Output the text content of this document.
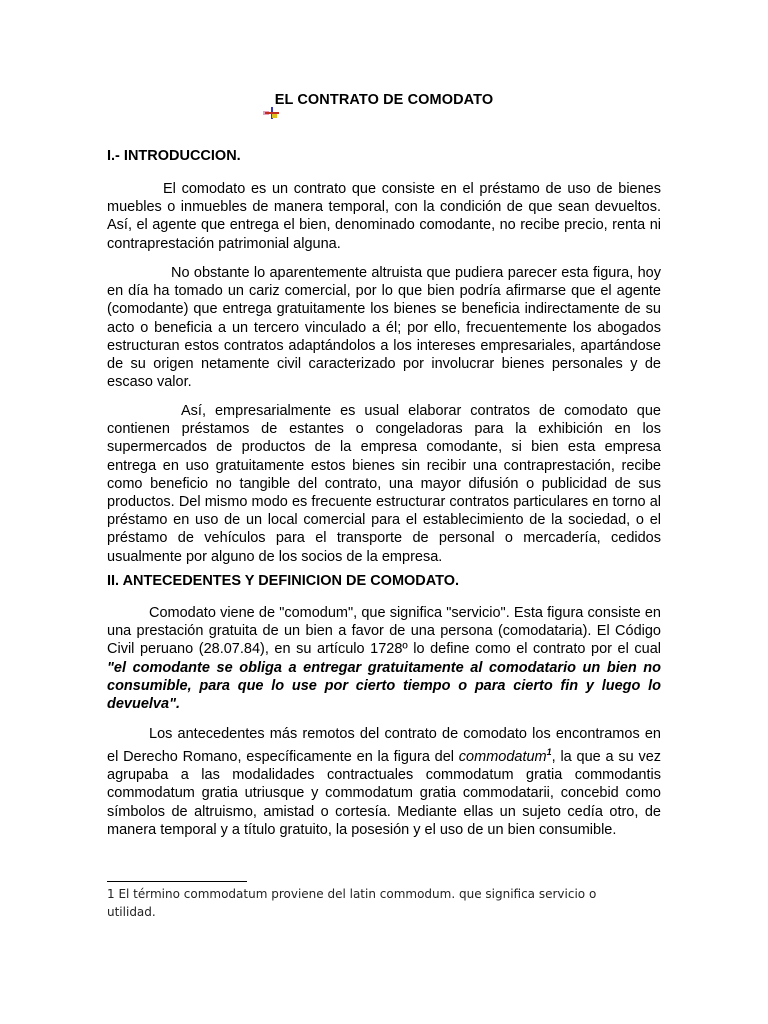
EL CONTRATO DE COMODATO
I.- INTRODUCCION.

El comodato es un contrato que consiste en el préstamo de uso de bienes muebles o inmuebles de manera temporal, con la condición de que sean devueltos. Así, el agente que entrega el bien, denominado comodante, no recibe precio, renta ni contraprestación patrimonial alguna.

No obstante lo aparentemente altruista que pudiera parecer esta figura, hoy en día ha tomado un cariz comercial, por lo que bien podría afirmarse que el agente (comodante) que entrega gratuitamente los bienes se beneficia indirectamente de su acto o beneficia a un tercero vinculado a él; por ello, frecuentemente los abogados estructuran estos contratos adaptándolos a los intereses empresariales, apartándose de su origen netamente civil caracterizado por involucrar bienes personales y de escaso valor.

Así, empresarialmente es usual elaborar contratos de comodato que contienen préstamos de estantes o congeladoras para la exhibición en los supermercados de productos de la empresa comodante, si bien esta empresa entrega en uso gratuitamente estos bienes sin recibir una contraprestación, recibe como beneficio no tangible del contrato, una mayor difusión o publicidad de sus productos. Del mismo modo es frecuente estructurar contratos particulares en torno al préstamo en uso de un local comercial para el establecimiento de la sociedad, o el préstamo de vehículos para el transporte de personal o mercadería, cedidos usualmente por alguno de los socios de la empresa.

II. ANTECEDENTES Y DEFINICION DE COMODATO.

Comodato viene de "comodum", que significa "servicio". Esta figura consiste en una prestación gratuita de un bien a favor de una persona (comodataria). El Código Civil peruano (28.07.84), en su artículo 1728º lo define como el contrato por el cual "el comodante se obliga a entregar gratuitamente al comodatario un bien no consumible, para que lo use por cierto tiempo o para cierto fin y luego lo devuelva".

Los antecedentes más remotos del contrato de comodato los encontramos en el Derecho Romano, específicamente en la figura del commodatum$^1$, la que a su vez agrupaba a las modalidades contractuales commodatum gratia commodantis commodatum gratia utriusque y commodatum gratia commodatarii, concebid como símbolos de altruismo, amistad o cortesía. Mediante ellas un sujeto cedía otro, de manera temporal y a título gratuito, la posesión y el uso de un bien consumible.

1 El término commodatum proviene del latin commodum. que significa servicio o utilidad.
